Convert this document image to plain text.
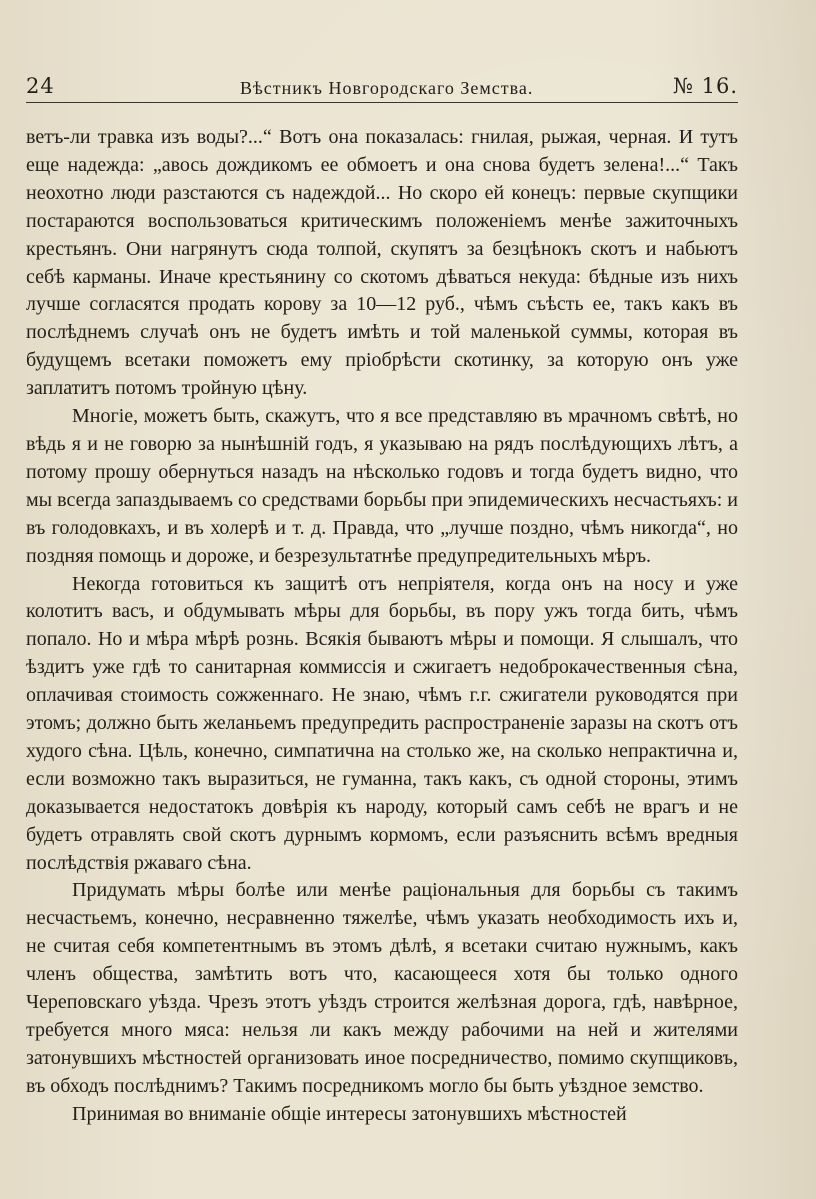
24	Вѣстникъ Новгородскаго Земства.	№ 16.

ветъ-ли травка изъ воды?...“ Вотъ она показалась: гнилая, рыжая, черная. И тутъ еще надежда: „авось дождикомъ ее обмоетъ и она снова будетъ зелена!...“ Такъ неохотно люди разстаются съ надеждой... Но скоро ей конецъ: первые скупщики постараются воспользоваться критическимъ положенiемъ менѣе зажиточныхъ крестьянъ. Они нагрянутъ сюда толпой, скупятъ за безцѣнокъ скотъ и набьютъ себѣ карманы. Иначе крестьянину со скотомъ дѣваться некуда: бѣдные изъ нихъ лучше согласятся продать корову за 10—12 руб., чѣмъ съѣсть ее, такъ какъ въ послѣднемъ случаѣ онъ не будетъ имѣть и той маленькой суммы, которая въ будущемъ всетаки поможетъ ему прiобрѣсти скотинку, за которую онъ уже заплатитъ потомъ тройную цѣну.

Многiе, можетъ быть, скажутъ, что я все представляю въ мрачномъ свѣтѣ, но вѣдь я и не говорю за нынѣшнiй годъ, я указываю на рядъ послѣдующихъ лѣтъ, а потому прошу обернуться назадъ на нѣсколько годовъ и тогда будетъ видно, что мы всегда запаздываемъ со средствами борьбы при эпидемическихъ несчастьяхъ: и въ голодовкахъ, и въ холерѣ и т. д. Правда, что „лучше поздно, чѣмъ никогда“, но поздняя помощь и дороже, и безрезультатнѣе предупредительныхъ мѣръ.

Некогда готовиться къ защитѣ отъ непрiятеля, когда онъ на носу и уже колотитъ васъ, и обдумывать мѣры для борьбы, въ пору ужъ тогда бить, чѣмъ попало. Но и мѣра мѣрѣ рознь. Всякiя бываютъ мѣры и помощи. Я слышалъ, что ѣздитъ уже гдѣ то санитарная коммиссiя и сжигаетъ недоброкачественныя сѣна, оплачивая стоимость сожженнаго. Не знаю, чѣмъ г.г. сжигатели руководятся при этомъ; должно быть желаньемъ предупредить распространенiе заразы на скотъ отъ худого сѣна. Цѣль, конечно, симпатична на столько же, на сколько непрактична и, если возможно такъ выразиться, не гуманна, такъ какъ, съ одной стороны, этимъ доказывается недостатокъ довѣрiя къ народу, который самъ себѣ не врагъ и не будетъ отравлять свой скотъ дурнымъ кормомъ, если разъяснить всѣмъ вредныя послѣдствiя ржаваго сѣна.

Придумать мѣры болѣе или менѣе рацiональныя для борьбы съ такимъ несчастьемъ, конечно, несравненно тяжелѣе, чѣмъ указать необходимость ихъ и, не считая себя компетентнымъ въ этомъ дѣлѣ, я всетаки считаю нужнымъ, какъ членъ общества, замѣтить вотъ что, касающееся хотя бы только одного Череповскаго уѣзда. Чрезъ этотъ уѣздъ строится желѣзная дорога, гдѣ, навѣрное, требуется много мяса: нельзя ли какъ между рабочими на ней и жителями затонувшихъ мѣстностей организовать иное посредничество, помимо скупщиковъ, въ обходъ послѣднимъ? Такимъ посредникомъ могло бы быть уѣздное земство.

Принимая во вниманiе общiе интересы затонувшихъ мѣстностей
